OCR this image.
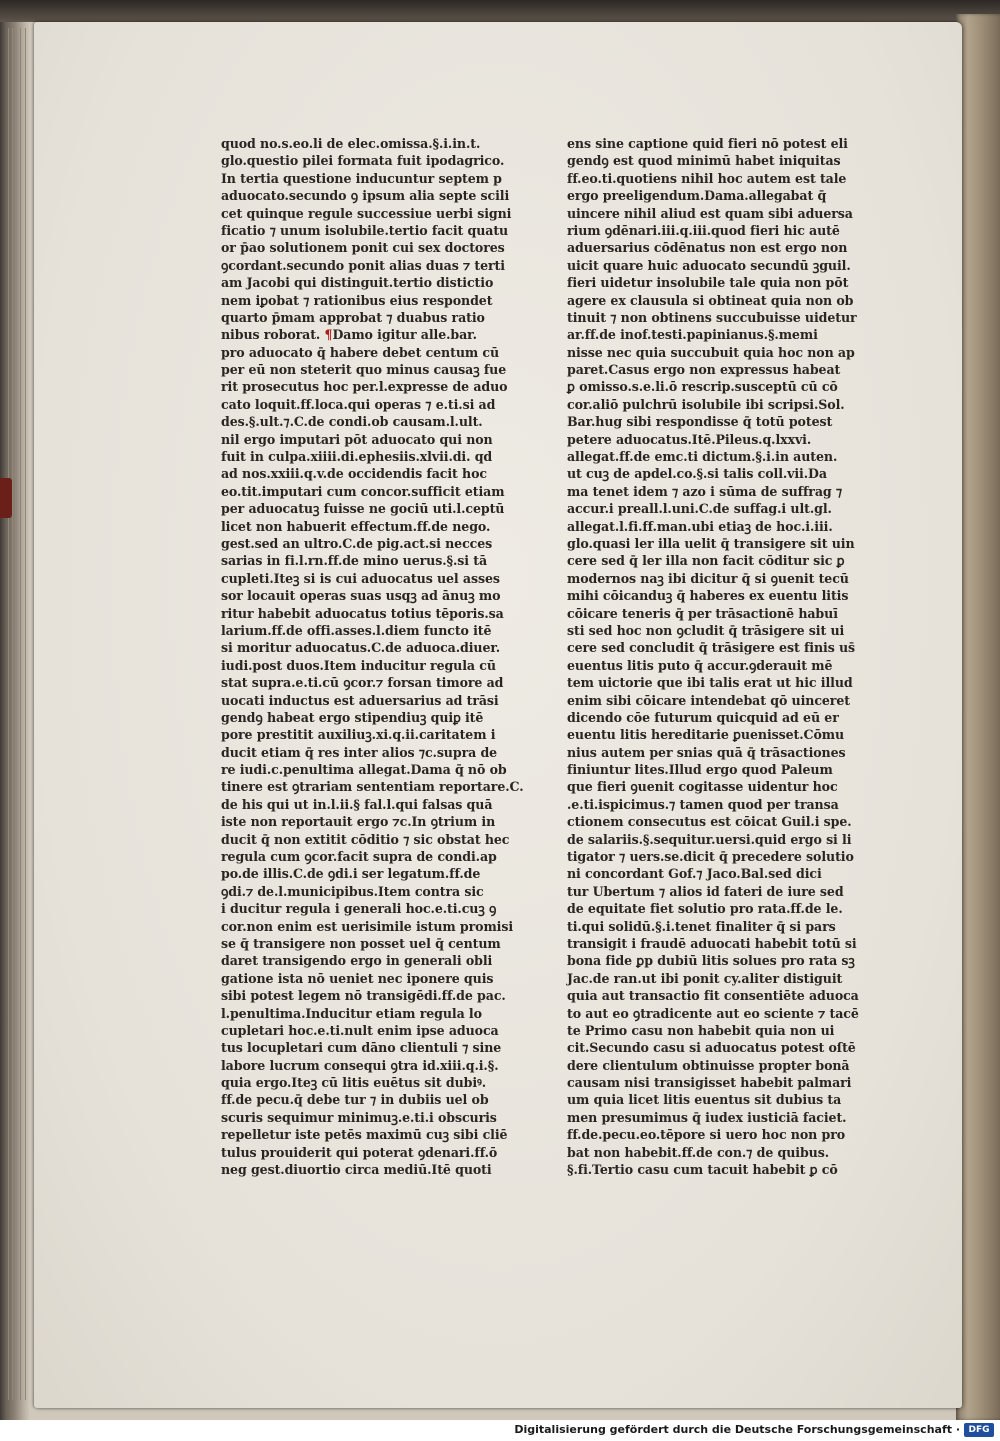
quod no.s.eo.li de elec.omissa.§.i.in.t.
glo.questio pilei formata fuit ipodagrico.
In tertia questione inducuntur septem p
aduocato.secundo ꝯ ipsum alia septe scili
cet quinque regule successiue uerbi signi
ficatio ⁊ unum isolubile.tertio facit quatu
or p̄ao solutionem ponit cui sex doctores
ꝯcordant.secundo ponit alias duas ⁊ terti
am Jacobi qui distinguit.tertio distictio
nem iꝑobat ⁊ rationibus eius respondet
quarto p̄mam approbat ⁊ duabus ratio
nibus roborat. ¶Damo igitur alle.bar.
pro aduocato q̄ habere debet centum cū
per eū non steterit quo minus causaꝫ fue
rit prosecutus hoc per.l.expresse de aduo
cato loquit.ff.loca.qui operas ⁊ e.ti.si ad
des.§.ult.⁊.C.de condi.ob causam.l.ult.
nil ergo imputari pōt aduocato qui non
fuit in culpa.xiiii.di.ephesiis.xlvii.di. qd
ad nos.xxiii.q.v.de occidendis facit hoc
eo.tit.imputari cum concor.sufficit etiam
per aduocatuꝫ fuisse ne gociū uti.l.ceptū
licet non habuerit effectum.ff.de nego.
gest.sed an ultro.C.de pig.act.si necces
sarias in fi.l.rn.ff.de mino uerus.§.si tā
cupleti.Iteꝫ si is cui aduocatus uel asses
sor locauit operas suas usqꝫ ad ānuꝫ mo
ritur habebit aduocatus totius tēporis.sa
larium.ff.de offi.asses.l.diem functo itē
si moritur aduocatus.C.de aduoca.diuer.
iudi.post duos.Item inducitur regula cū
stat supra.e.ti.cū ꝯcor.⁊ forsan timore ad
uocati inductus est aduersarius ad trāsi
gendꝯ habeat ergo stipendiuꝫ quiꝑ itē
pore prestitit auxiliuꝫ.xi.q.ii.caritatem i
ducit etiam q̄ res inter alios ⁊c.supra de
re iudi.c.penultima allegat.Dama q̄ nō ob
tinere est ꝯtrariam sententiam reportare.C.
de his qui ut in.l.ii.§ fal.l.qui falsas quā
iste non reportauit ergo ⁊c.In ꝯtrium in
ducit q̄ non extitit cōditio ⁊ sic obstat hec
regula cum ꝯcor.facit supra de condi.ap
po.de illis.C.de ꝯdi.i ser legatum.ff.de
ꝯdi.⁊ de.l.municipibus.Item contra sic
i ducitur regula i generali hoc.e.ti.cuꝫ ꝯ
cor.non enim est uerisimile istum promisi
se q̄ transigere non posset uel q̄ centum
daret transigendo ergo in generali obli
gatione ista nō ueniet nec iponere quis
sibi potest legem nō transigēdi.ff.de pac.
l.penultima.Inducitur etiam regula lo
cupletari hoc.e.ti.nult enim ipse aduoca
tus locupletari cum dāno clientuli ⁊ sine
labore lucrum consequi ꝯtra id.xiii.q.i.§.
quia ergo.Iteꝫ cū litis euētus sit dubiꝰ.
ff.de pecu.q̄ debe tur ⁊ in dubiis uel ob
scuris sequimur minimuꝫ.e.ti.i obscuris
repelletur iste petēs maximū cuꝫ sibi cliē
tulus prouiderit qui poterat ꝯdenari.ff.ō
neg gest.diuortio circa mediū.Itē quoti
ens sine captione quid fieri nō potest eli
gendꝯ est quod minimū habet iniquitas
ff.eo.ti.quotiens nihil hoc autem est tale
ergo preeligendum.Dama.allegabat q̄
uincere nihil aliud est quam sibi aduersa
rium ꝯdēnari.iii.q.iii.quod fieri hic autē
aduersarius cōdēnatus non est ergo non
uicit quare huic aduocato secundū ꝫguil.
fieri uidetur insolubile tale quia non pōt
agere ex clausula si obtineat quia non ob
tinuit ⁊ non obtinens succubuisse uidetur
ar.ff.de inof.testi.papinianus.§.memi
nisse nec quia succubuit quia hoc non ap
paret.Casus ergo non expressus habeat
ꝑ omisso.s.e.li.ō rescrip.susceptū cū cō
cor.aliō pulchrū isolubile ibi scripsi.Sol.
Bar.hug sibi respondisse q̄ totū potest
petere aduocatus.Itē.Pileus.q.lxxvi.
allegat.ff.de emc.ti dictum.§.i.in auten.
ut cuꝫ de apdel.co.§.si talis coll.vii.Da
ma tenet idem ⁊ azo i sūma de suffrag ⁊
accur.i preall.l.uni.C.de suffag.i ult.gl.
allegat.l.fi.ff.man.ubi etiaꝫ de hoc.i.iii.
glo.quasi ler illa uelit q̄ transigere sit uin
cere sed q̄ ler illa non facit cōditur sic ꝑ
modernos naꝫ ibi dicitur q̄ si ꝯuenit tecū
mihi cōicanduꝫ q̄ haberes ex euentu litis
cōicare teneris q̄ per trāsactionē habuī
sti sed hoc non ꝯcludit q̄ trāsigere sit ui
cere sed concludit q̄ trāsigere est finis us̄
euentus litis puto q̄ accur.ꝯderauit mē
tem uictorie que ibi talis erat ut hic illud
enim sibi cōicare intendebat qō uinceret
dicendo cōe futurum quicquid ad eū er
euentu litis hereditarie ꝑuenisset.Cōmu
nius autem per snias quā q̄ trāsactiones
finiuntur lites.Illud ergo quod Paleum
que fieri ꝯuenit cogitasse uidentur hoc
.e.ti.ispicimus.⁊ tamen quod per transa
ctionem consecutus est cōicat Guil.i spe.
de salariis.§.sequitur.uersi.quid ergo si li
tigator ⁊ uers.se.dicit q̄ precedere solutio
ni concordant Gof.⁊ Jaco.Bal.sed dici
tur Ubertum ⁊ alios id fateri de iure sed
de equitate fiet solutio pro rata.ff.de le.
ti.qui solidū.§.i.tenet finaliter q̄ si pars
transigit i fraudē aduocati habebit totū si
bona fide ꝑp dubiū litis solues pro rata sꝫ
Jac.de ran.ut ibi ponit cy.aliter distiguit
quia aut transactio fit consentiēte aduoca
to aut eo ꝯtradicente aut eo sciente ⁊ tacē
te Primo casu non habebit quia non ui
cit.Secundo casu si aduocatus potest oſtē
dere clientulum obtinuisse propter bonā
causam nisi transigisset habebit palmari
um quia licet litis euentus sit dubius ta
men presumimus q̄ iudex iusticiā faciet.
ff.de.pecu.eo.tēpore si uero hoc non pro
bat non habebit.ff.de con.⁊ de quibus.
§.fi.Tertio casu cum tacuit habebit ꝑ cō
Digitalisierung gefördert durch die Deutsche Forschungsgemeinschaft · DFG
